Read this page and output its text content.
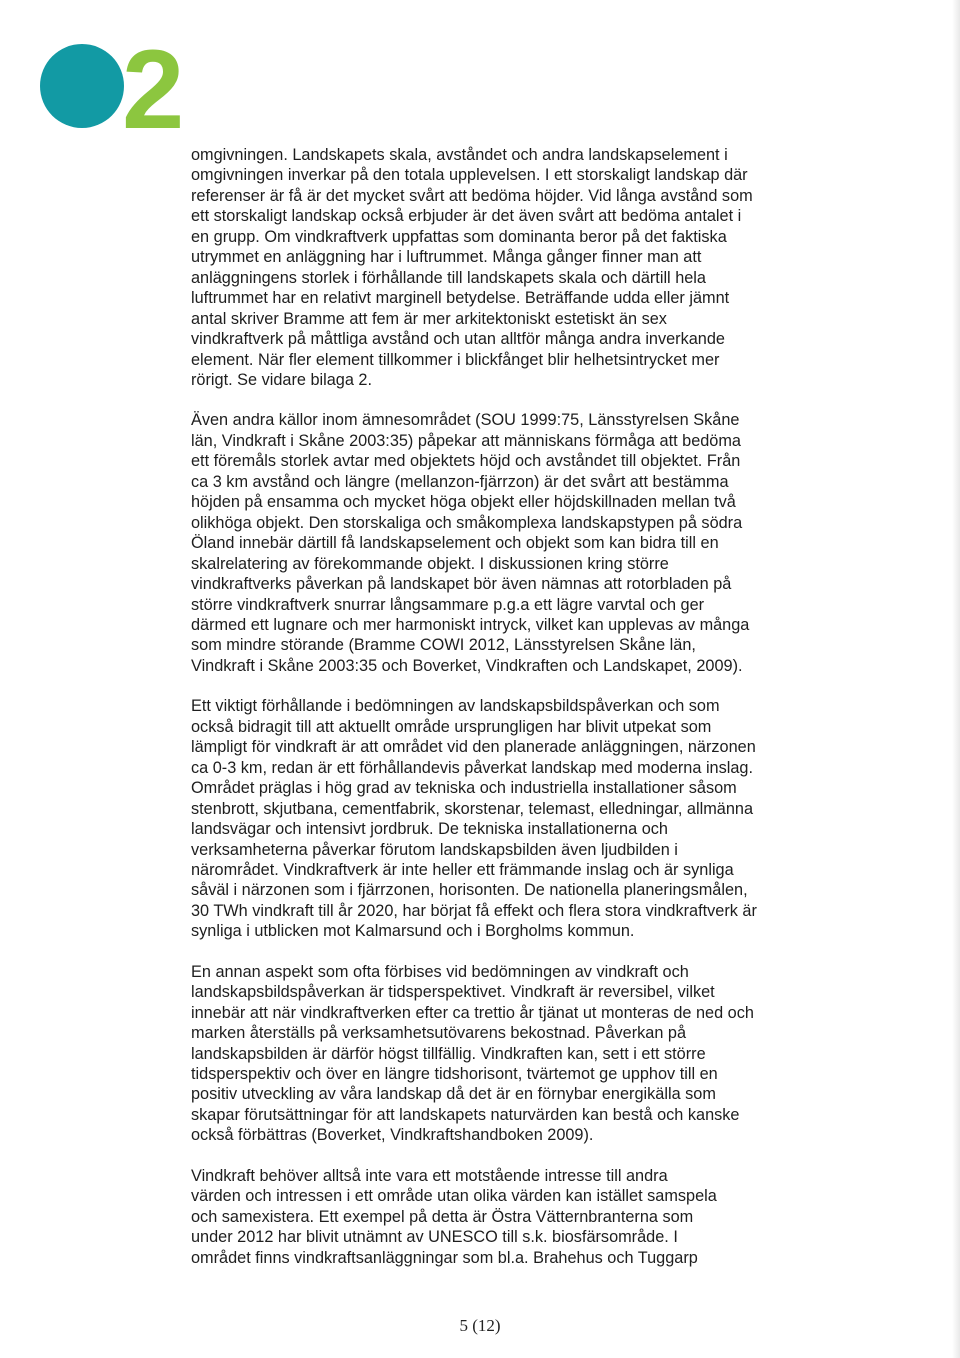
2

omgivningen. Landskapets skala, avståndet och andra landskapselement i
omgivningen inverkar på den totala upplevelsen. I ett storskaligt landskap där
referenser är få är det mycket svårt att bedöma höjder. Vid långa avstånd som
ett storskaligt landskap också erbjuder är det även svårt att bedöma antalet i
en grupp. Om vindkraftverk uppfattas som dominanta beror på det faktiska
utrymmet en anläggning har i luftrummet. Många gånger finner man att
anläggningens storlek i förhållande till landskapets skala och därtill hela
luftrummet har en relativt marginell betydelse. Beträffande udda eller jämnt
antal skriver Bramme att fem är mer arkitektoniskt estetiskt än sex
vindkraftverk på måttliga avstånd och utan alltför många andra inverkande
element. När fler element tillkommer i blickfånget blir helhetsintrycket mer
rörigt. Se vidare bilaga 2.

Även andra källor inom ämnesområdet (SOU 1999:75, Länsstyrelsen Skåne
län, Vindkraft i Skåne 2003:35) påpekar att människans förmåga att bedöma
ett föremåls storlek avtar med objektets höjd och avståndet till objektet. Från
ca 3 km avstånd och längre (mellanzon-fjärrzon) är det svårt att bestämma
höjden på ensamma och mycket höga objekt eller höjdskillnaden mellan två
olikhöga objekt. Den storskaliga och småkomplexa landskapstypen på södra
Öland innebär därtill få landskapselement och objekt som kan bidra till en
skalrelatering av förekommande objekt. I diskussionen kring större
vindkraftverks påverkan på landskapet bör även nämnas att rotorbladen på
större vindkraftverk snurrar långsammare p.g.a ett lägre varvtal och ger
därmed ett lugnare och mer harmoniskt intryck, vilket kan upplevas av många
som mindre störande (Bramme COWI 2012, Länsstyrelsen Skåne län,
Vindkraft i Skåne 2003:35 och Boverket, Vindkraften och Landskapet, 2009).

Ett viktigt förhållande i bedömningen av landskapsbildspåverkan och som
också bidragit till att aktuellt område ursprungligen har blivit utpekat som
lämpligt för vindkraft är att området vid den planerade anläggningen, närzonen
ca 0-3 km, redan är ett förhållandevis påverkat landskap med moderna inslag.
Området präglas i hög grad av tekniska och industriella installationer såsom
stenbrott, skjutbana, cementfabrik, skorstenar, telemast, elledningar, allmänna
landsvägar och intensivt jordbruk. De tekniska installationerna och
verksamheterna påverkar förutom landskapsbilden även ljudbilden i
närområdet. Vindkraftverk är inte heller ett främmande inslag och är synliga
såväl i närzonen som i fjärrzonen, horisonten. De nationella planeringsmålen,
30 TWh vindkraft till år 2020, har börjat få effekt och flera stora vindkraftverk är
synliga i utblicken mot Kalmarsund och i Borgholms kommun.

En annan aspekt som ofta förbises vid bedömningen av vindkraft och
landskapsbildspåverkan är tidsperspektivet. Vindkraft är reversibel, vilket
innebär att när vindkraftverken efter ca trettio år tjänat ut monteras de ned och
marken återställs på verksamhetsutövarens bekostnad. Påverkan på
landskapsbilden är därför högst tillfällig. Vindkraften kan, sett i ett större
tidsperspektiv och över en längre tidshorisont, tvärtemot ge upphov till en
positiv utveckling av våra landskap då det är en förnybar energikälla som
skapar förutsättningar för att landskapets naturvärden kan bestå och kanske
också förbättras (Boverket, Vindkraftshandboken 2009).

Vindkraft behöver alltså inte vara ett motstående intresse till andra
värden och intressen i ett område utan olika värden kan istället samspela
och samexistera. Ett exempel på detta är Östra Vätternbranterna som
under 2012 har blivit utnämnt av UNESCO till s.k. biosfärsområde. I
området finns vindkraftsanläggningar som bl.a. Brahehus och Tuggarp

5 (12)
